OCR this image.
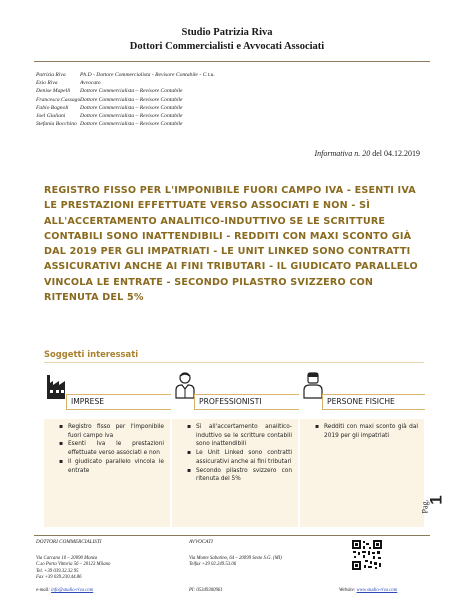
Studio Patrizia Riva
Dottori Commercialisti e Avvocati Associati
Patrizia Riva	Ph.D - Dottore Commercialista - Revisore Contabile - C.t.u.
Ezio Riva	Avvocato
Denise Mapelli	Dottore Commercialista – Revisore Contabile
Francesca Cassago Dottore Commercialista – Revisore Contabile
Fabio Bagnoli	Dottore Commercialista – Revisore Contabile
Joel Giuliani	Dottore Commercialista – Revisore Contabile
Stefania Bocchino Dottore Commercialista – Revisore Contabile
Informativa n. 20 del 04.12.2019
REGISTRO FISSO PER L'IMPONIBILE FUORI CAMPO IVA - ESENTI IVA LE PRESTAZIONI EFFETTUATE VERSO ASSOCIATI E NON - SÌ ALL'ACCERTAMENTO ANALITICO-INDUTTIVO SE LE SCRITTURE CONTABILI SONO INATTENDIBILI - REDDITI CON MAXI SCONTO GIÀ DAL 2019 PER GLI IMPATRIATI - LE UNIT LINKED SONO CONTRATTI ASSICURATIVI ANCHE AI FINI TRIBUTARI - IL GIUDICATO PARALLELO VINCOLA LE ENTRATE - SECONDO PILASTRO SVIZZERO CON RITENUTA DEL 5%
Soggetti interessati
IMPRESE
▪ Registro fisso per l'imponibile fuori campo iva
▪ Esenti Iva le prestazioni effettuate verso associati e non
▪ Il giudicato parallelo vincola le entrate
PROFESSIONISTI
▪ Sì all'accertamento analitico-induttivo se le scritture contabili sono inattendibili
▪ Le Unit Linked sono contratti assicurativi anche ai fini tributari
▪ Secondo pilastro svizzero con ritenuta del 5%
PERSONE FISICHE
▪ Redditi con maxi sconto già dal 2019 per gli impatriati
Pag.
1
DOTTORI COMMERCIALISTI
Via Carcano 10 – 20090 Monza
C.so Porta Vittoria 56 – 20123 Milano
Tel. +39 039.32.32.95
Fax +39 039.230.44.86
AVVOCATI
Via Monte Sabotino, 64 – 20099 Sesto S.G. (MI)
Telfax +39 02.249.53.06
e-mail: info@studio-riva.com	PI: 05349300961	Website: www.studio-riva.com
